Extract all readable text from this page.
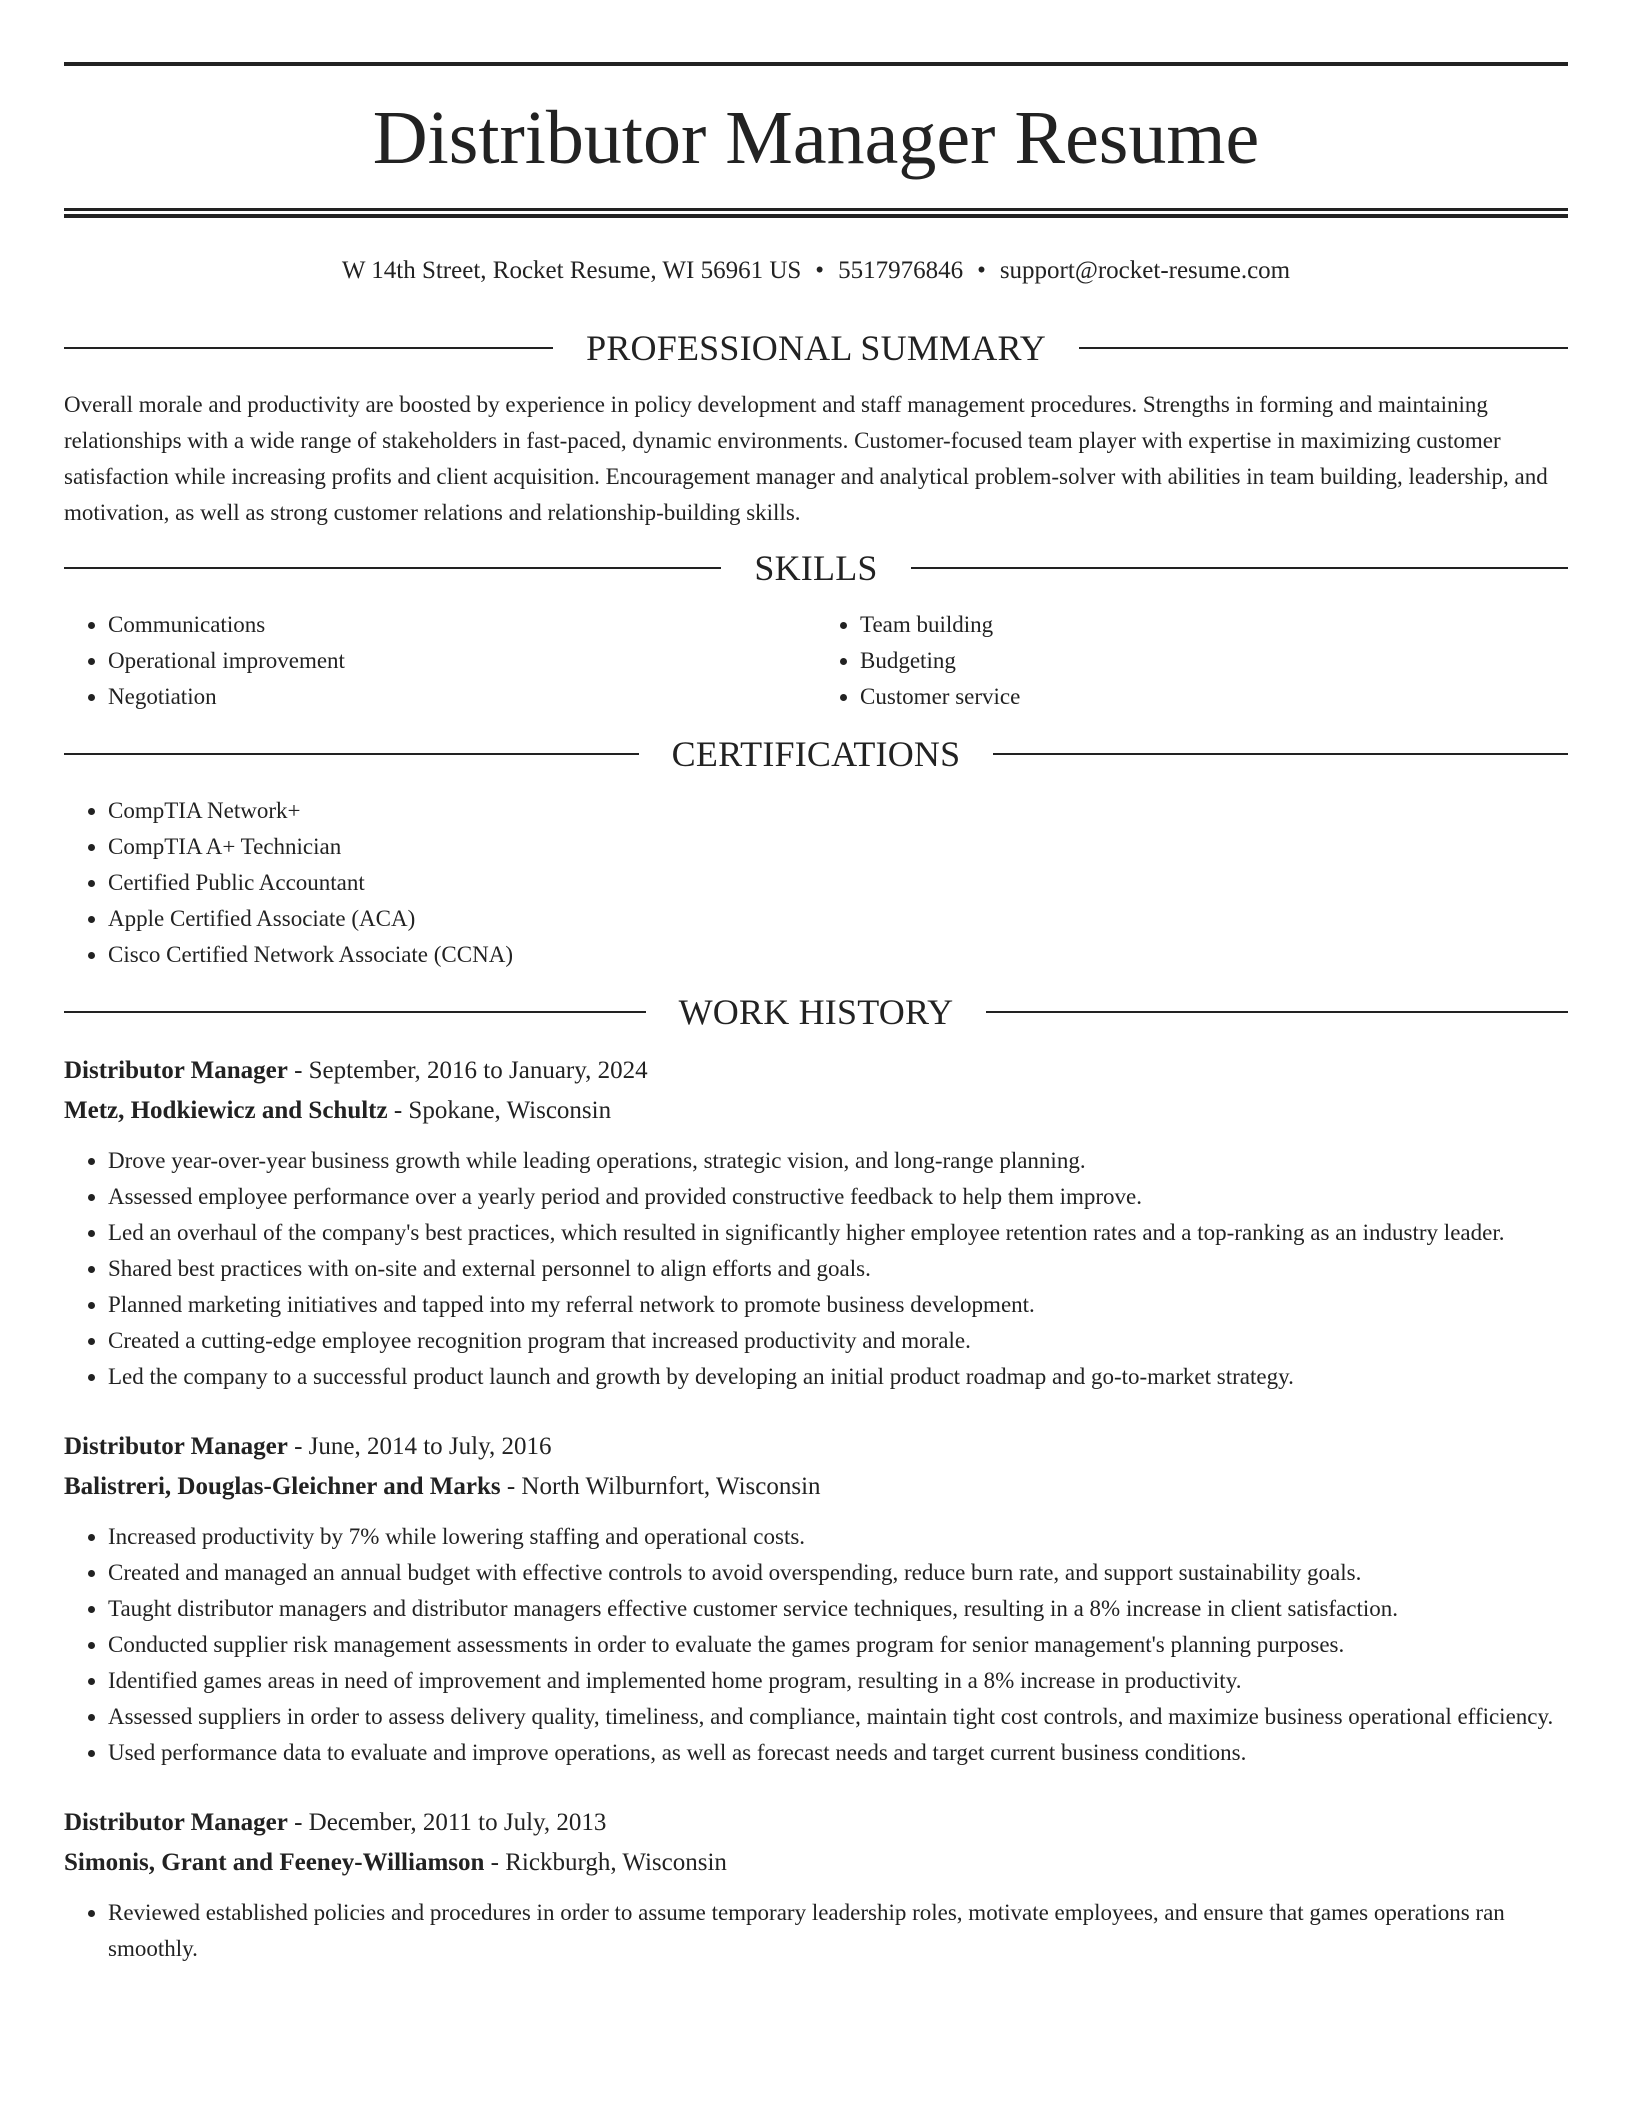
Distributor Manager Resume
W 14th Street, Rocket Resume, WI 56961 US • 5517976846 • support@rocket-resume.com
PROFESSIONAL SUMMARY

Overall morale and productivity are boosted by experience in policy development and staff management procedures. Strengths in forming and maintaining relationships with a wide range of stakeholders in fast-paced, dynamic environments. Customer-focused team player with expertise in maximizing customer satisfaction while increasing profits and client acquisition. Encouragement manager and analytical problem-solver with abilities in team building, leadership, and motivation, as well as strong customer relations and relationship-building skills.

SKILLS
• Communications
• Operational improvement
• Negotiation
• Team building
• Budgeting
• Customer service
CERTIFICATIONS
• CompTIA Network+
• CompTIA A+ Technician
• Certified Public Accountant
• Apple Certified Associate (ACA)
• Cisco Certified Network Associate (CCNA)
WORK HISTORY
Distributor Manager - September, 2016 to January, 2024
Metz, Hodkiewicz and Schultz - Spokane, Wisconsin
• Drove year-over-year business growth while leading operations, strategic vision, and long-range planning.
• Assessed employee performance over a yearly period and provided constructive feedback to help them improve.
• Led an overhaul of the company's best practices, which resulted in significantly higher employee retention rates and a top-ranking as an industry leader.
• Shared best practices with on-site and external personnel to align efforts and goals.
• Planned marketing initiatives and tapped into my referral network to promote business development.
• Created a cutting-edge employee recognition program that increased productivity and morale.
• Led the company to a successful product launch and growth by developing an initial product roadmap and go-to-market strategy.
Distributor Manager - June, 2014 to July, 2016
Balistreri, Douglas-Gleichner and Marks - North Wilburnfort, Wisconsin
• Increased productivity by 7% while lowering staffing and operational costs.
• Created and managed an annual budget with effective controls to avoid overspending, reduce burn rate, and support sustainability goals.
• Taught distributor managers and distributor managers effective customer service techniques, resulting in a 8% increase in client satisfaction.
• Conducted supplier risk management assessments in order to evaluate the games program for senior management's planning purposes.
• Identified games areas in need of improvement and implemented home program, resulting in a 8% increase in productivity.
• Assessed suppliers in order to assess delivery quality, timeliness, and compliance, maintain tight cost controls, and maximize business operational efficiency.
• Used performance data to evaluate and improve operations, as well as forecast needs and target current business conditions.
Distributor Manager - December, 2011 to July, 2013
Simonis, Grant and Feeney-Williamson - Rickburgh, Wisconsin
• Reviewed established policies and procedures in order to assume temporary leadership roles, motivate employees, and ensure that games operations ran smoothly.
